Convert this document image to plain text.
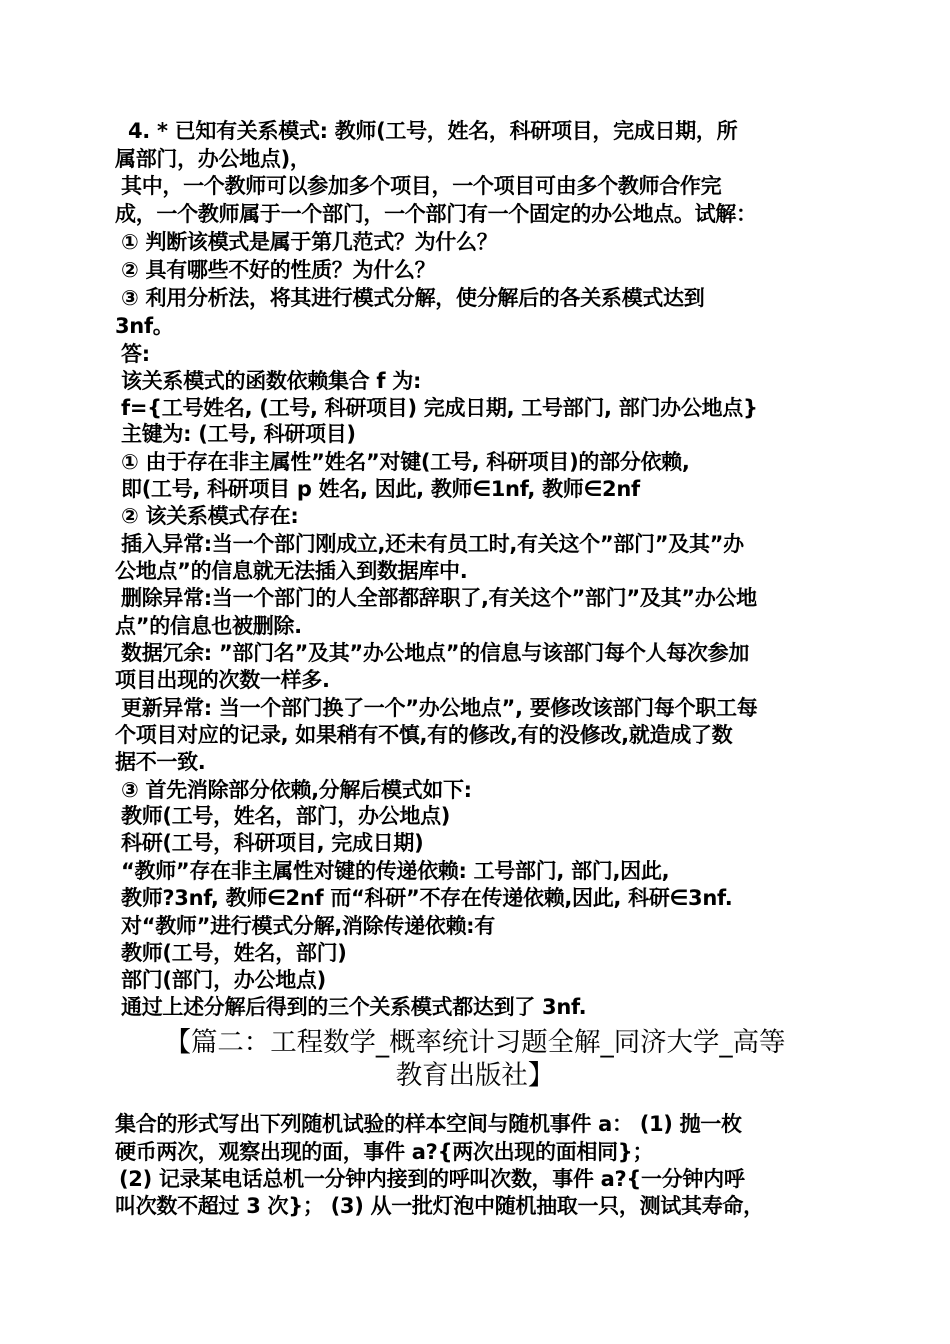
4. * 已知有关系模式: 教师(工号，姓名，科研项目，完成日期，所
属部门，办公地点)，
其中，一个教师可以参加多个项目，一个项目可由多个教师合作完
成，一个教师属于一个部门，一个部门有一个固定的办公地点。试解：
① 判断该模式是属于第几范式？为什么？
② 具有哪些不好的性质？为什么？
③ 利用分析法，将其进行模式分解，使分解后的各关系模式达到
3nf。
答:
该关系模式的函数依赖集合 f 为:
f={工号姓名, (工号, 科研项目) 完成日期, 工号部门, 部门办公地点}
主键为: (工号, 科研项目)
① 由于存在非主属性”姓名”对键(工号, 科研项目)的部分依赖,
即(工号, 科研项目 p 姓名, 因此, 教师∈1nf, 教师∈2nf
② 该关系模式存在:
插入异常:当一个部门刚成立,还未有员工时,有关这个”部门”及其”办
公地点”的信息就无法插入到数据库中.
删除异常:当一个部门的人全部都辞职了,有关这个”部门”及其”办公地
点”的信息也被删除.
数据冗余: ”部门名”及其”办公地点”的信息与该部门每个人每次参加
项目出现的次数一样多.
更新异常: 当一个部门换了一个”办公地点”, 要修改该部门每个职工每
个项目对应的记录, 如果稍有不慎,有的修改,有的没修改,就造成了数
据不一致.
③ 首先消除部分依赖,分解后模式如下:
教师(工号，姓名，部门，办公地点)
科研(工号，科研项目, 完成日期)
“教师”存在非主属性对键的传递依赖: 工号部门, 部门,因此,
教师?3nf, 教师∈2nf 而“科研”不存在传递依赖,因此, 科研∈3nf.
对“教师”进行模式分解,消除传递依赖:有
教师(工号，姓名，部门)
部门(部门，办公地点)
通过上述分解后得到的三个关系模式都达到了 3nf.
【篇二：工程数学_概率统计习题全解_同济大学_高等
教育出版社】
集合的形式写出下列随机试验的样本空间与随机事件 a： (1) 抛一枚
硬币两次，观察出现的面，事件 a?{两次出现的面相同}；
(2) 记录某电话总机一分钟内接到的呼叫次数，事件 a?{一分钟内呼
叫次数不超过 3 次}； (3) 从一批灯泡中随机抽取一只，测试其寿命，
